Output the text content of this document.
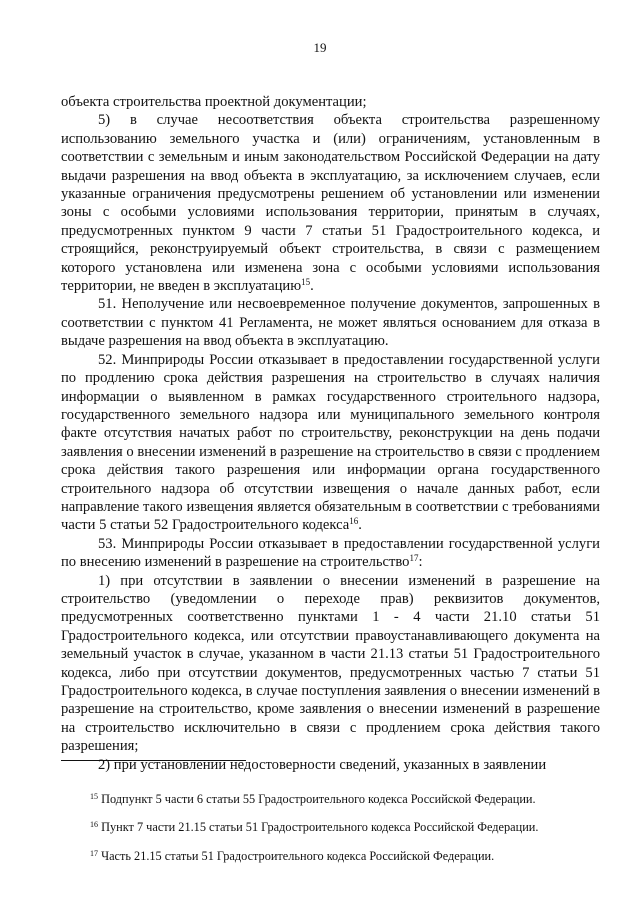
19

объекта строительства проектной документации;

5) в случае несоответствия объекта строительства разрешенному использованию земельного участка и (или) ограничениям, установленным в соответствии с земельным и иным законодательством Российской Федерации на дату выдачи разрешения на ввод объекта в эксплуатацию, за исключением случаев, если указанные ограничения предусмотрены решением об установлении или изменении зоны с особыми условиями использования территории, принятым в случаях, предусмотренных пунктом 9 части 7 статьи 51 Градостроительного кодекса, и строящийся, реконструируемый объект строительства, в связи с размещением которого установлена или изменена зона с особыми условиями использования территории, не введен в эксплуатацию$^{15}$.

51. Неполучение или несвоевременное получение документов, запрошенных в соответствии с пунктом 41 Регламента, не может являться основанием для отказа в выдаче разрешения на ввод объекта в эксплуатацию.

52. Минприроды России отказывает в предоставлении государственной услуги по продлению срока действия разрешения на строительство в случаях наличия информации о выявленном в рамках государственного строительного надзора, государственного земельного надзора или муниципального земельного контроля факте отсутствия начатых работ по строительству, реконструкции на день подачи заявления о внесении изменений в разрешение на строительство в связи с продлением срока действия такого разрешения или информации органа государственного строительного надзора об отсутствии извещения о начале данных работ, если направление такого извещения является обязательным в соответствии с требованиями части 5 статьи 52 Градостроительного кодекса$^{16}$.

53. Минприроды России отказывает в предоставлении государственной услуги по внесению изменений в разрешение на строительство$^{17}$:

1) при отсутствии в заявлении о внесении изменений в разрешение на строительство (уведомлении о переходе прав) реквизитов документов, предусмотренных соответственно пунктами 1 - 4 части 21.10 статьи 51 Градостроительного кодекса, или отсутствии правоустанавливающего документа на земельный участок в случае, указанном в части 21.13 статьи 51 Градостроительного кодекса, либо при отсутствии документов, предусмотренных частью 7 статьи 51 Градостроительного кодекса, в случае поступления заявления о внесении изменений в разрешение на строительство, кроме заявления о внесении изменений в разрешение на строительство исключительно в связи с продлением срока действия такого разрешения;

2) при установлении недостоверности сведений, указанных в заявлении

$^{15}$ Подпункт 5 части 6 статьи 55 Градостроительного кодекса Российской Федерации.
$^{16}$ Пункт 7 части 21.15 статьи 51 Градостроительного кодекса Российской Федерации.
$^{17}$ Часть 21.15 статьи 51 Градостроительного кодекса Российской Федерации.
